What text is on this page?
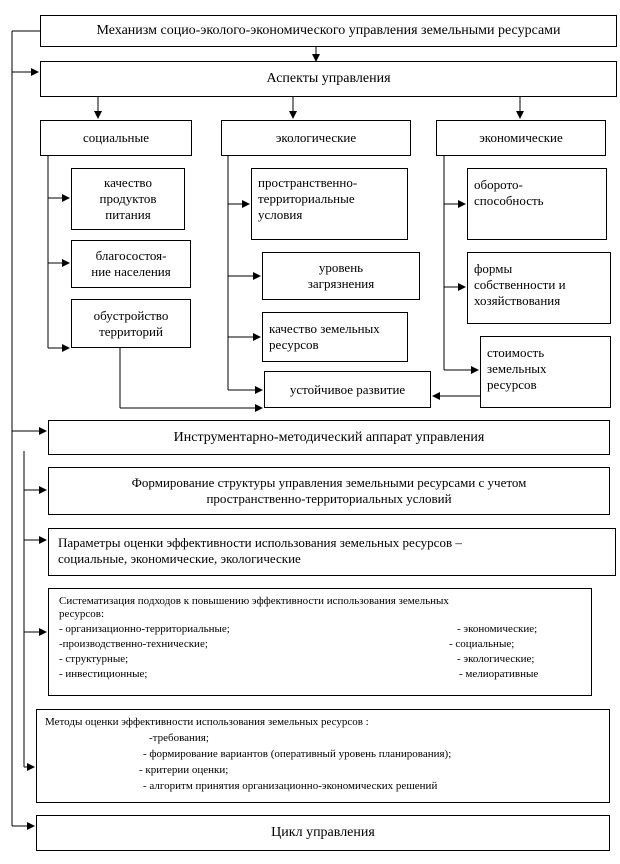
Механизм социо-эколого-экономического управления земельными ресурсами
Аспекты управления
социальные	экологические	экономические
качество
продуктов
питания
благосостоя-
ние населения
обустройство
территорий
пространственно-
территориальные
условия
уровень
загрязнения
качество земельных
ресурсов
устойчивое развитие
оборото-
способность
формы
собственности и
хозяйствования
стоимость
земельных
ресурсов
Инструментарно-методический аппарат управления
Формирование структуры управления земельными ресурсами с учетом
пространственно-территориальных условий
Параметры оценки эффективности использования земельных ресурсов –
социальные, экономические, экологические
Систематизация подходов к повышению эффективности использования земельных
ресурсов:
- организационно-территориальные;	- экономические;
-производственно-технические;	- социальные;
- структурные;	- экологические;
- инвестиционные;	- мелиоративные
Методы оценки эффективности использования земельных ресурсов :
-требования;
- формирование вариантов (оперативный уровень планирования);
- критерии оценки;
- алгоритм принятия организационно-экономических решений
Цикл управления
